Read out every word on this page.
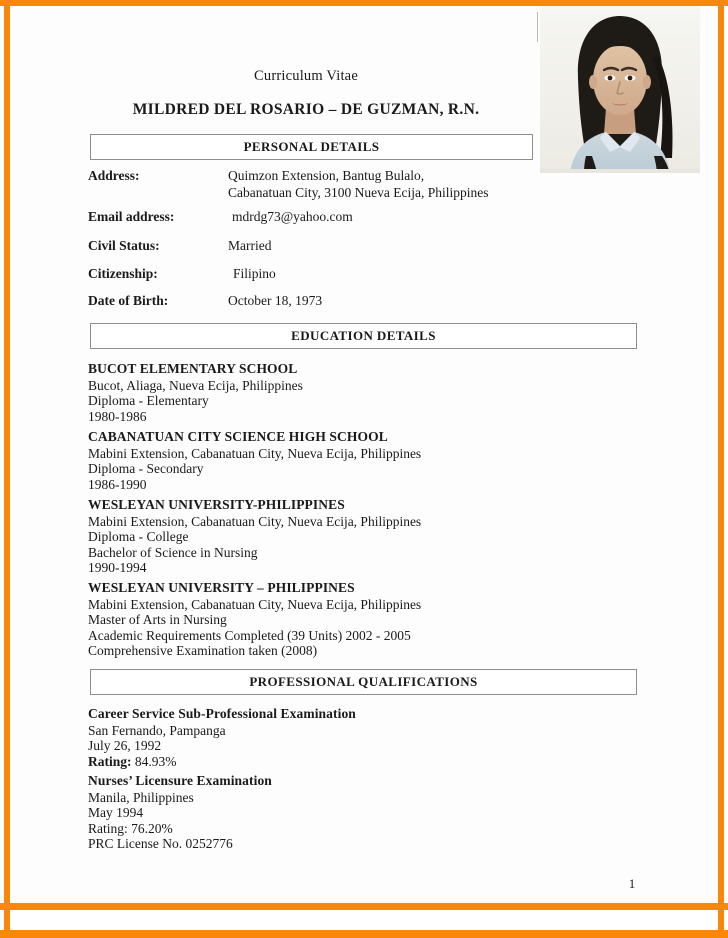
Curriculum Vitae
MILDRED DEL ROSARIO – DE GUZMAN, R.N.
PERSONAL DETAILS
Address:	Quimzon Extension, Bantug Bulalo,
Cabanatuan City, 3100 Nueva Ecija, Philippines
Email address:	mdrdg73@yahoo.com
Civil Status:	Married
Citizenship:	Filipino
Date of Birth:	October 18, 1973
EDUCATION DETAILS
BUCOT ELEMENTARY SCHOOL
Bucot, Aliaga, Nueva Ecija, Philippines
Diploma - Elementary
1980-1986
CABANATUAN CITY SCIENCE HIGH SCHOOL
Mabini Extension, Cabanatuan City, Nueva Ecija, Philippines
Diploma - Secondary
1986-1990
WESLEYAN UNIVERSITY-PHILIPPINES
Mabini Extension, Cabanatuan City, Nueva Ecija, Philippines
Diploma - College
Bachelor of Science in Nursing
1990-1994
WESLEYAN UNIVERSITY – PHILIPPINES
Mabini Extension, Cabanatuan City, Nueva Ecija, Philippines
Master of Arts in Nursing
Academic Requirements Completed (39 Units) 2002 - 2005
Comprehensive Examination taken (2008)
PROFESSIONAL QUALIFICATIONS
Career Service Sub-Professional Examination
San Fernando, Pampanga
July 26, 1992
Rating: 84.93%
Nurses’ Licensure Examination
Manila, Philippines
May 1994
Rating: 76.20%
PRC License No. 0252776
1
